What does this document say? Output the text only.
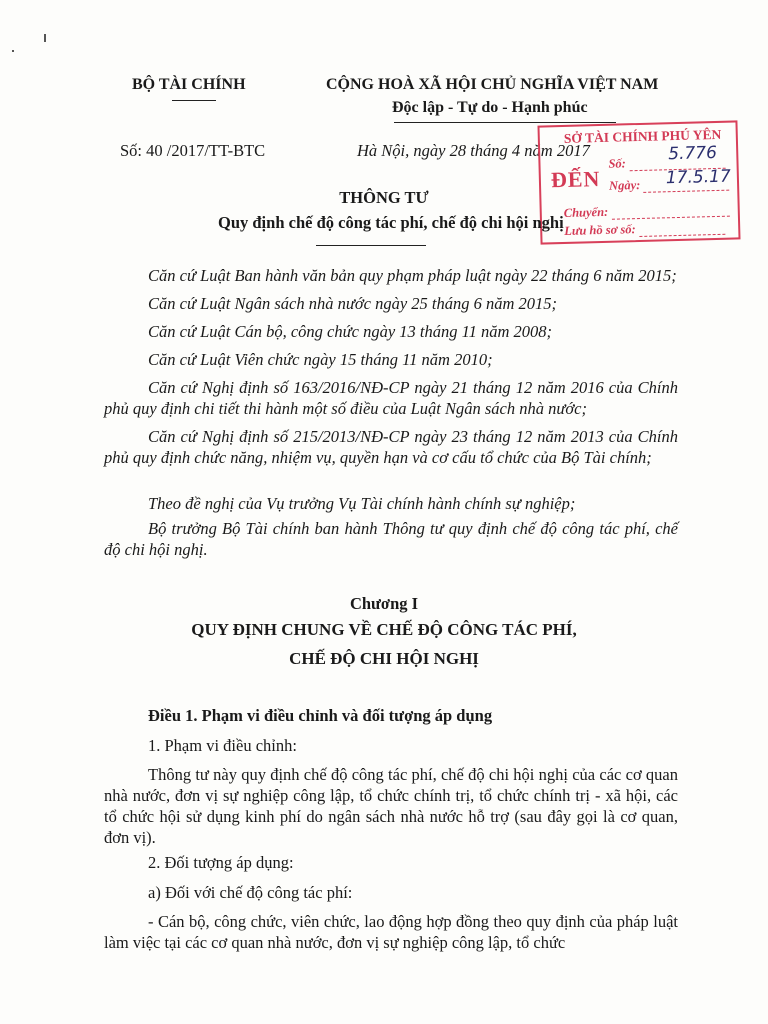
BỘ TÀI CHÍNH	CỘNG HOÀ XÃ HỘI CHỦ NGHĨA VIỆT NAM
Độc lập - Tự do - Hạnh phúc
Số: 40 /2017/TT-BTC	Hà Nội, ngày 28 tháng 4 năm 2017
SỞ TÀI CHÍNH PHÚ YÊN
ĐẾN
Số:
Ngày:
Chuyển:
Lưu hồ sơ số:
5.776
17.5.17
THÔNG TƯ
Quy định chế độ công tác phí, chế độ chi hội nghị
Căn cứ Luật Ban hành văn bản quy phạm pháp luật ngày 22 tháng 6 năm 2015;
Căn cứ Luật Ngân sách nhà nước ngày 25 tháng 6 năm 2015;
Căn cứ Luật Cán bộ, công chức ngày 13 tháng 11 năm 2008;
Căn cứ Luật Viên chức ngày 15 tháng 11 năm 2010;
Căn cứ Nghị định số 163/2016/NĐ-CP ngày 21 tháng 12 năm 2016 của Chính phủ quy định chi tiết thi hành một số điều của Luật Ngân sách nhà nước;
Căn cứ Nghị định số 215/2013/NĐ-CP ngày 23 tháng 12 năm 2013 của Chính phủ quy định chức năng, nhiệm vụ, quyền hạn và cơ cấu tổ chức của Bộ Tài chính;
Theo đề nghị của Vụ trưởng Vụ Tài chính hành chính sự nghiệp;
Bộ trưởng Bộ Tài chính ban hành Thông tư quy định chế độ công tác phí, chế độ chi hội nghị.
Chương I
QUY ĐỊNH CHUNG VỀ CHẾ ĐỘ CÔNG TÁC PHÍ,
CHẾ ĐỘ CHI HỘI NGHỊ
Điều 1. Phạm vi điều chỉnh và đối tượng áp dụng
1. Phạm vi điều chỉnh:
Thông tư này quy định chế độ công tác phí, chế độ chi hội nghị của các cơ quan nhà nước, đơn vị sự nghiệp công lập, tổ chức chính trị, tổ chức chính trị - xã hội, các tổ chức hội sử dụng kinh phí do ngân sách nhà nước hỗ trợ (sau đây gọi là cơ quan, đơn vị).
2. Đối tượng áp dụng:
a) Đối với chế độ công tác phí:
- Cán bộ, công chức, viên chức, lao động hợp đồng theo quy định của pháp luật làm việc tại các cơ quan nhà nước, đơn vị sự nghiệp công lập, tổ chức
